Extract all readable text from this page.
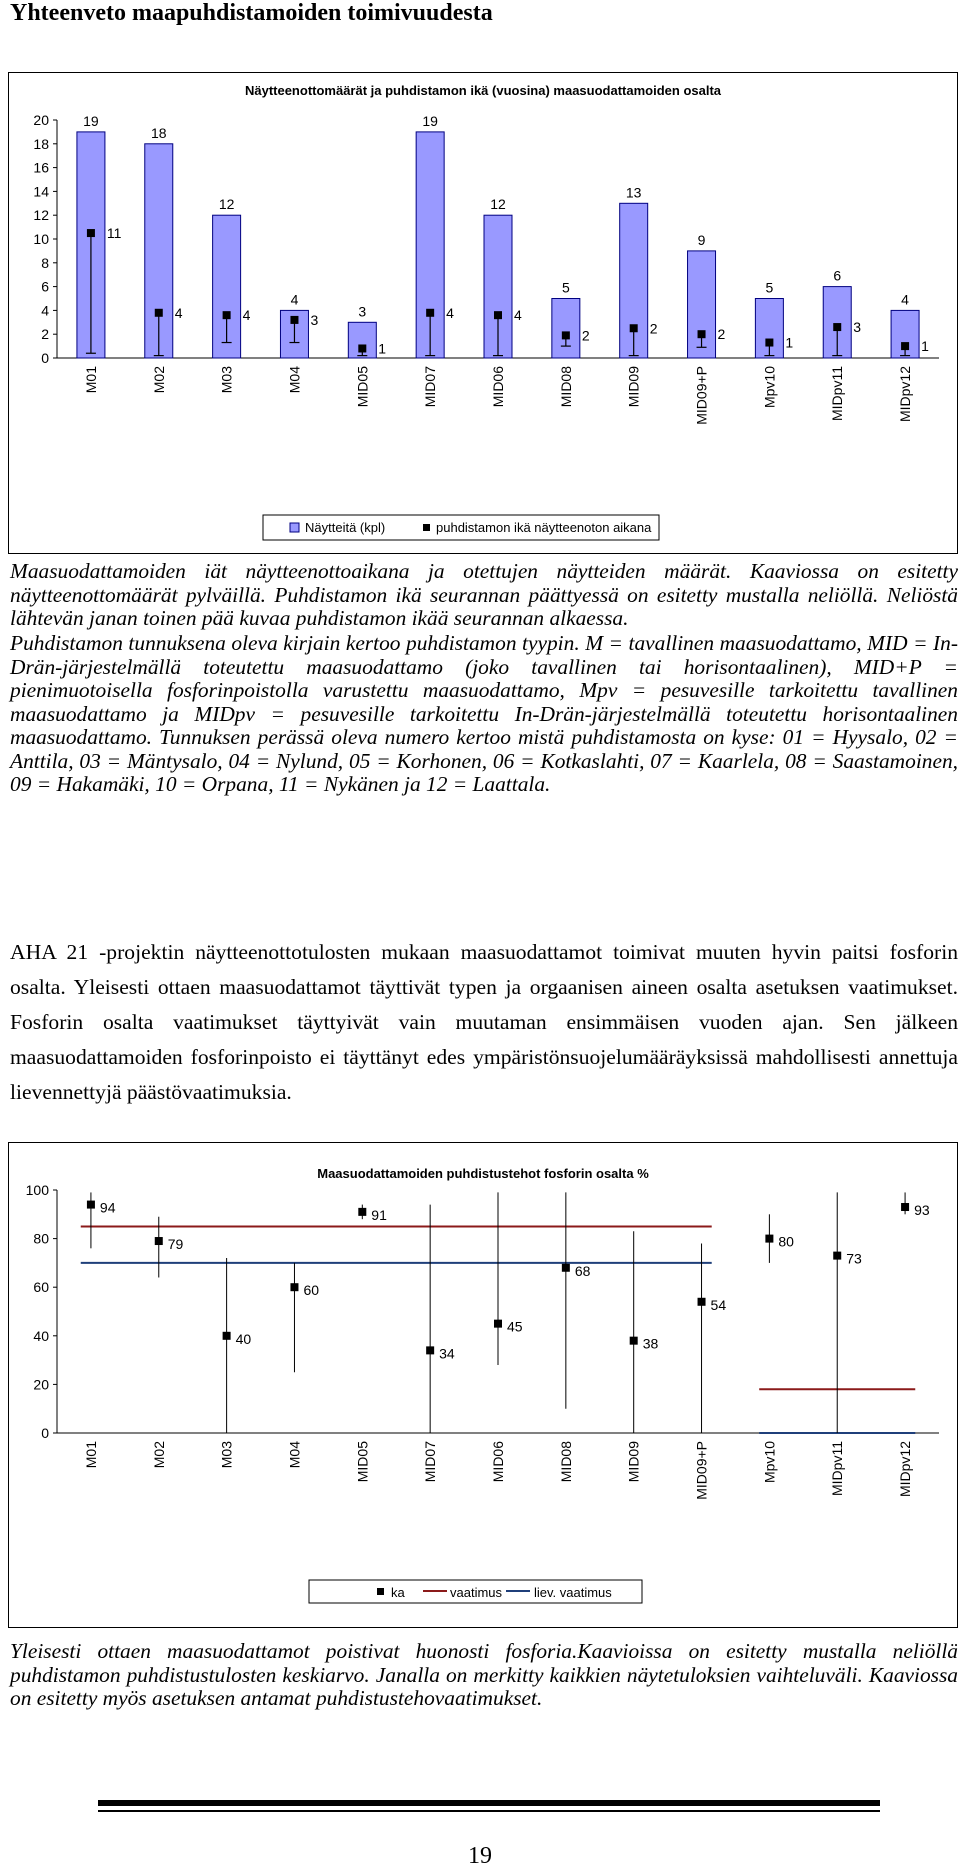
Yhteenveto maapuhdistamoiden toimivuudesta
Näytteenottomäärät ja puhdistamon ikä (vuosina) maasuodattamoiden osalta
0
2
4
6
8
10
12
14
16
18
20 19
11
M01
18
4
M02
12
4
M03
4
3
M04
3
1
MID05
19
4
MID07
12
4
MID06
5
2
MID08
13
2
MID09
9
2
MID09+P
5
1
Mpv10
6
3
MIDpv11
4
1
MIDpv12
Näytteitä (kpl)	puhdistamon ikä näytteenoton aikana
Maasuodattamoiden iät näytteenottoaikana ja otettujen näytteiden määrät. Kaaviossa on esitetty näytteenottomäärät pylväillä. Puhdistamon ikä seurannan päättyessä on esitetty mustalla neliöllä. Neliöstä lähtevän janan toinen pää kuvaa puhdistamon ikää seurannan alkaessa.
Puhdistamon tunnuksena oleva kirjain kertoo puhdistamon tyypin. M = tavallinen maasuodattamo, MID = In-Drän-järjestelmällä toteutettu maasuodattamo (joko tavallinen tai horisontaalinen), MID+P = pienimuotoisella fosforinpoistolla varustettu maasuodattamo, Mpv = pesuvesille tarkoitettu tavallinen maasuodattamo ja MIDpv = pesuvesille tarkoitettu In-Drän-järjestelmällä toteutettu horisontaalinen maasuodattamo. Tunnuksen perässä oleva numero kertoo mistä puhdistamosta on kyse: 01 = Hyysalo, 02 = Anttila, 03 = Mäntysalo, 04 = Nylund, 05 = Korhonen, 06 = Kotkaslahti, 07 = Kaarlela, 08 = Saastamoinen, 09 = Hakamäki, 10 = Orpana, 11 = Nykänen ja 12 = Laattala.
AHA 21 -projektin näytteenottotulosten mukaan maasuodattamot toimivat muuten hyvin paitsi fosforin osalta. Yleisesti ottaen maasuodattamot täyttivät typen ja orgaanisen aineen osalta asetuksen vaatimukset. Fosforin osalta vaatimukset täyttyivät vain muutaman ensimmäisen vuoden ajan. Sen jälkeen maasuodattamoiden fosforinpoisto ei täyttänyt edes ympäristönsuojelumääräyksissä mahdollisesti annettuja lievennettyjä päästövaatimuksia.
Maasuodattamoiden puhdistustehot fosforin osalta %
0
20
40
60
80
100
94
M01
79
M02
40
M03
60
M04
91
MID05
34
MID07
45
MID06
68
MID08
38
MID09
54
MID09+P
80
Mpv10
73
MIDpv11
93
MIDpv12
ka	vaatimus liev. vaatimus
Yleisesti ottaen maasuodattamot poistivat huonosti fosforia.Kaavioissa on esitetty mustalla neliöllä puhdistamon puhdistustulosten keskiarvo. Janalla on merkitty kaikkien näytetuloksien vaihteluväli. Kaaviossa on esitetty myös asetuksen antamat puhdistustehovaatimukset.
19
